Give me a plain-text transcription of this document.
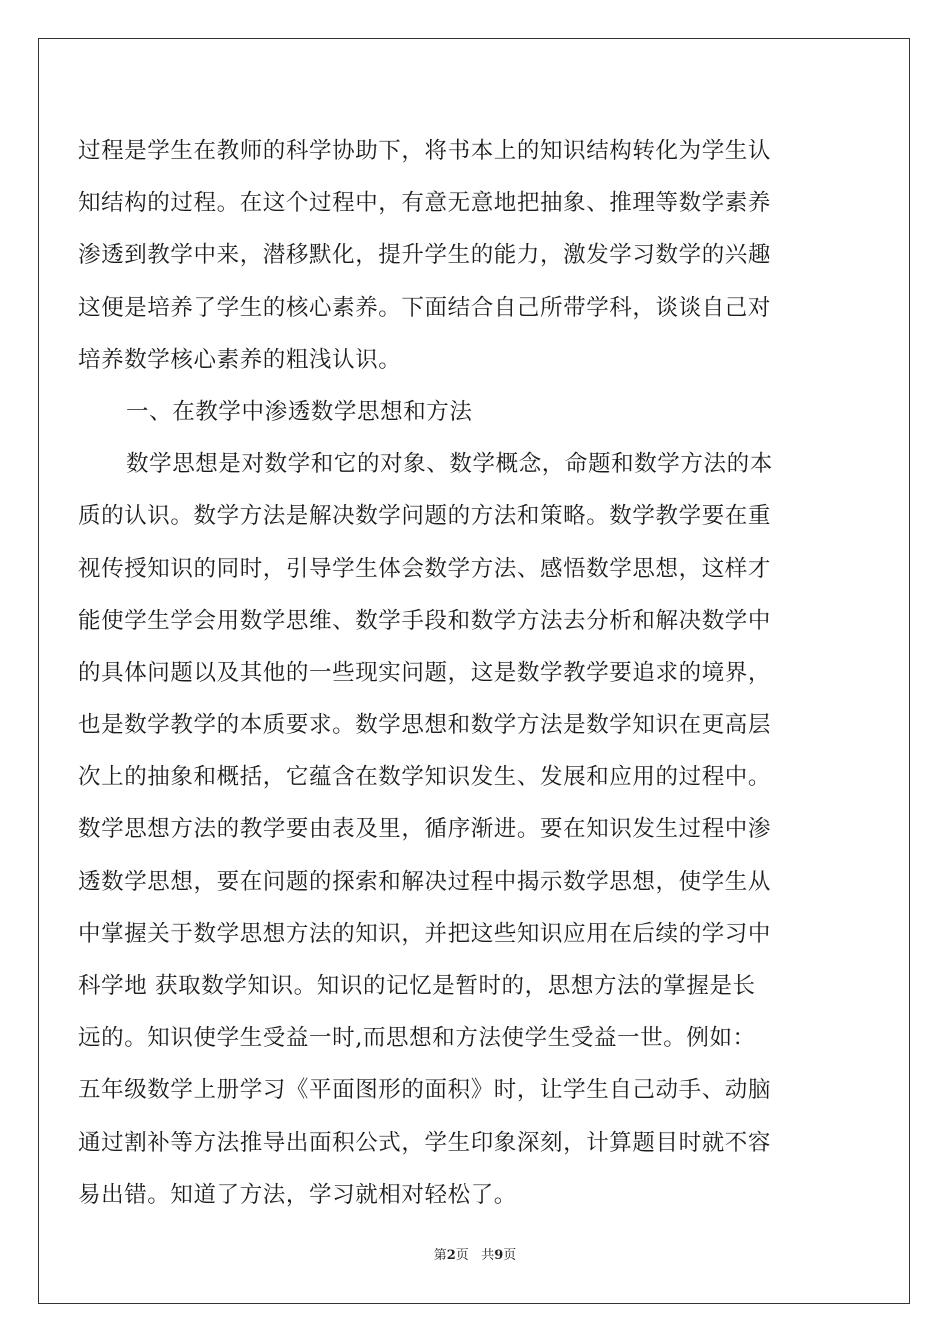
过程是学生在教师的科学协助下，将书本上的知识结构转化为学生认
知结构的过程。在这个过程中，有意无意地把抽象、推理等数学素养
渗透到教学中来，潜移默化，提升学生的能力，激发学习数学的兴趣
这便是培养了学生的核心素养。下面结合自己所带学科，谈谈自己对
培养数学核心素养的粗浅认识。
一、在教学中渗透数学思想和方法
数学思想是对数学和它的对象、数学概念，命题和数学方法的本
质的认识。数学方法是解决数学问题的方法和策略。数学教学要在重
视传授知识的同时，引导学生体会数学方法、感悟数学思想，这样才
能使学生学会用数学思维、数学手段和数学方法去分析和解决数学中
的具体问题以及其他的一些现实问题，这是数学教学要追求的境界，
也是数学教学的本质要求。数学思想和数学方法是数学知识在更高层
次上的抽象和概括，它蕴含在数学知识发生、发展和应用的过程中。
数学思想方法的教学要由表及里，循序渐进。要在知识发生过程中渗
透数学思想，要在问题的探索和解决过程中揭示数学思想，使学生从
中掌握关于数学思想方法的知识，并把这些知识应用在后续的学习中
科学地 获取数学知识。知识的记忆是暂时的，思想方法的掌握是长
远的。知识使学生受益一时,而思想和方法使学生受益一世。例如：
五年级数学上册学习《平面图形的面积》时，让学生自己动手、动脑
通过割补等方法推导出面积公式，学生印象深刻，计算题目时就不容
易出错。知道了方法，学习就相对轻松了。
第2页 共9页
